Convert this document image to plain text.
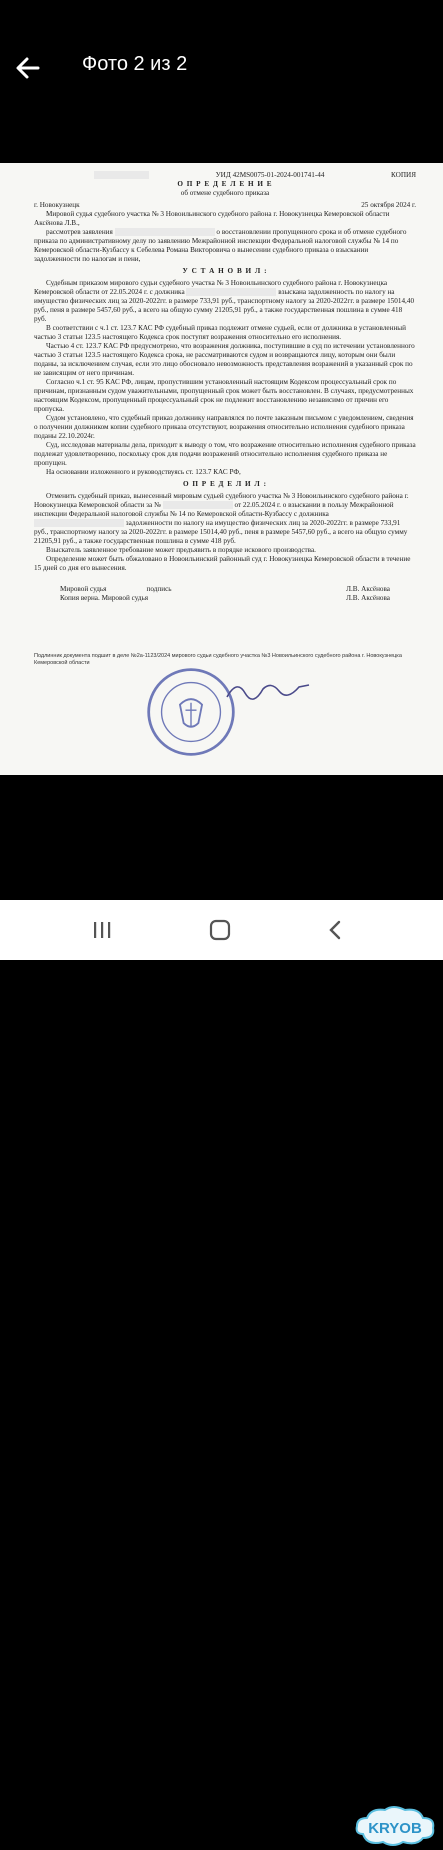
Фото 2 из 2
УИД 42MS0075-01-2024-001741-44	КОПИЯ

О П Р Е Д Е Л Е Н И Е

об отмене судебного приказа

г. Новокузнецк	25 октября 2024 г.

Мировой судья судебного участка № 3 Новоильинского судебного района г. Новокузнецка Кемеровской области Аксёнова Л.В.,

рассмотрев заявления	о восстановлении пропущенного срока и об отмене судебного приказа по административному делу по заявлению Межрайонной инспекции Федеральной налоговой службы № 14 по Кемеровской области-Кузбассу к Себелева Романа Викторовича о вынесении судебного приказа о взыскании задолженности по налогам и пени,

У С Т А Н О В И Л :

Судебным приказом мирового судьи судебного участка № 3 Новоильинского судебного района г. Новокузнецка Кемеровской области от 22.05.2024 г. с должника	взыскана задолженность по налогу на имущество физических лиц за 2020-2022гг. в размере 733,91 руб., транспортному налогу за 2020-2022гг. в размере 15014,40 руб., пеня в размере 5457,60 руб., а всего на общую сумму 21205,91 руб., а также государственная пошлина в сумме 418 руб.

В соответствии с ч.1 ст. 123.7 КАС РФ судебный приказ подлежит отмене судьей, если от должника в установленный частью 3 статьи 123.5 настоящего Кодекса срок поступят возражения относительно его исполнения.

Частью 4 ст. 123.7 КАС РФ предусмотрено, что возражения должника, поступившие в суд по истечении установленного частью 3 статьи 123.5 настоящего Кодекса срока, не рассматриваются судом и возвращаются лицу, которым они были поданы, за исключением случая, если это лицо обосновало невозможность представления возражений в указанный срок по не зависящим от него причинам.

Согласно ч.1 ст. 95 КАС РФ, лицам, пропустившим установленный настоящим Кодексом процессуальный срок по причинам, признанным судом уважительными, пропущенный срок может быть восстановлен. В случаях, предусмотренных настоящим Кодексом, пропущенный процессуальный срок не подлежит восстановлению независимо от причин его пропуска.

Судом установлено, что судебный приказ должнику направлялся по почте заказным письмом с уведомлением, сведения о получении должником копии судебного приказа отсутствуют, возражения относительно исполнения судебного приказа поданы 22.10.2024г.

Суд, исследовав материалы дела, приходит к выводу о том, что возражение относительно исполнения судебного приказа подлежат удовлетворению, поскольку срок для подачи возражений относительно исполнения судебного приказа не пропущен.

На основании изложенного и руководствуясь ст. 123.7 КАС РФ,

О П Р Е Д Е Л И Л :

Отменить судебный приказ, вынесенный мировым судьей судебного участка № 3 Новоильинского судебного района г. Новокузнецка Кемеровской области за №	от 22.05.2024 г. о взыскании в пользу Межрайонной инспекции Федеральной налоговой службы № 14 по Кемеровской области-Кузбассу с должника  задолженности по налогу на имущество физических лиц за 2020-2022гг. в размере 733,91 руб., транспортному налогу за 2020-2022гг. в размере 15014,40 руб., пеня в размере 5457,60 руб., а всего на общую сумму 21205,91 руб., а также государственная пошлина в сумме 418 руб.

Взыскатель заявленное требование может предъявить в порядке искового производства.

Определение может быть обжаловано в Новоильинский районный суд г. Новокузнецка Кемеровской области в течение 15 дней со дня его вынесения.

Мировой судья	подпись	Л.В. Аксёнова
Копия верна. Мировой судья	Л.В. Аксёнова

Подлинник документа подшит в деле №2а-1123/2024 мирового судьи судебного участка №3 Новоильинского судебного района г. Новокузнецка Кемеровской области

KRYOB
